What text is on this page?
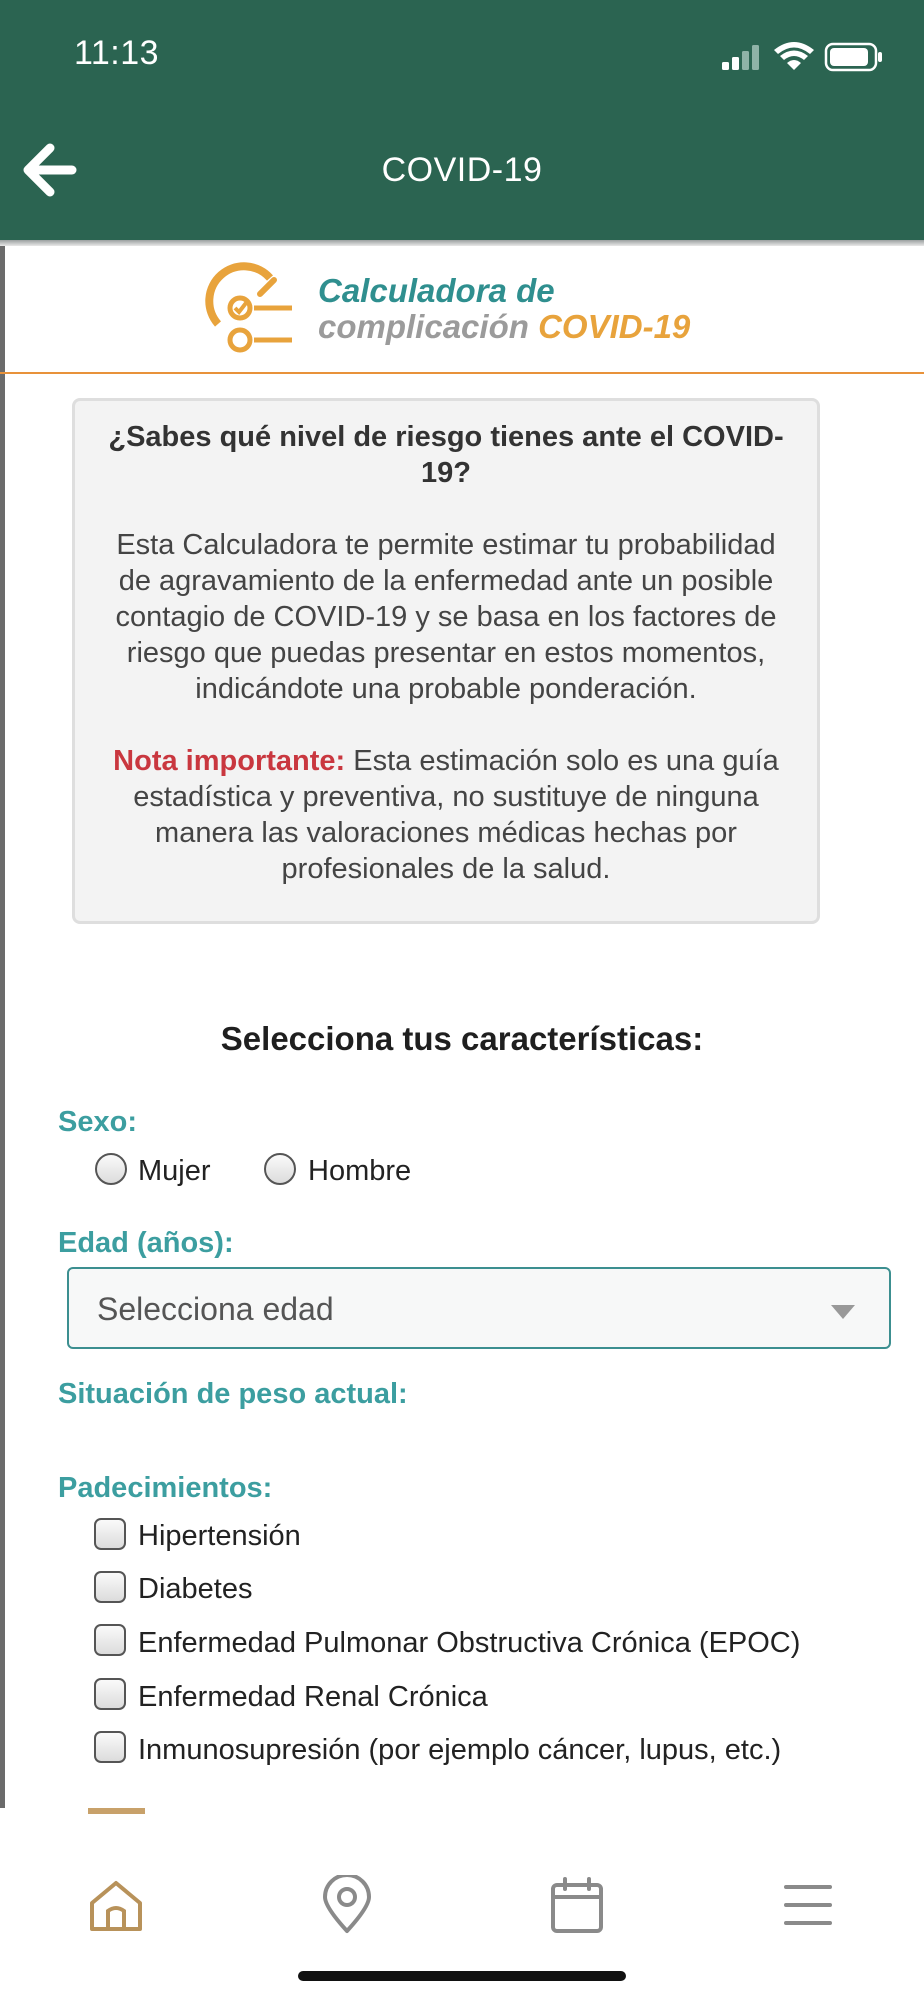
11:13
COVID-19
Calculadora de
complicación COVID-19
¿Sabes qué nivel de riesgo tienes ante el COVID-19?
Esta Calculadora te permite estimar tu probabilidad de agravamiento de la enfermedad ante un posible contagio de COVID-19 y se basa en los factores de riesgo que puedas presentar en estos momentos, indicándote una probable ponderación.
Nota importante: Esta estimación solo es una guía estadística y preventiva, no sustituye de ninguna manera las valoraciones médicas hechas por profesionales de la salud.
Selecciona tus características:
Sexo:
Mujer	Hombre
Edad (años):
Selecciona edad
Situación de peso actual:
Padecimientos:
Hipertensión
Diabetes
Enfermedad Pulmonar Obstructiva Crónica (EPOC)
Enfermedad Renal Crónica
Inmunosupresión (por ejemplo cáncer, lupus, etc.)
